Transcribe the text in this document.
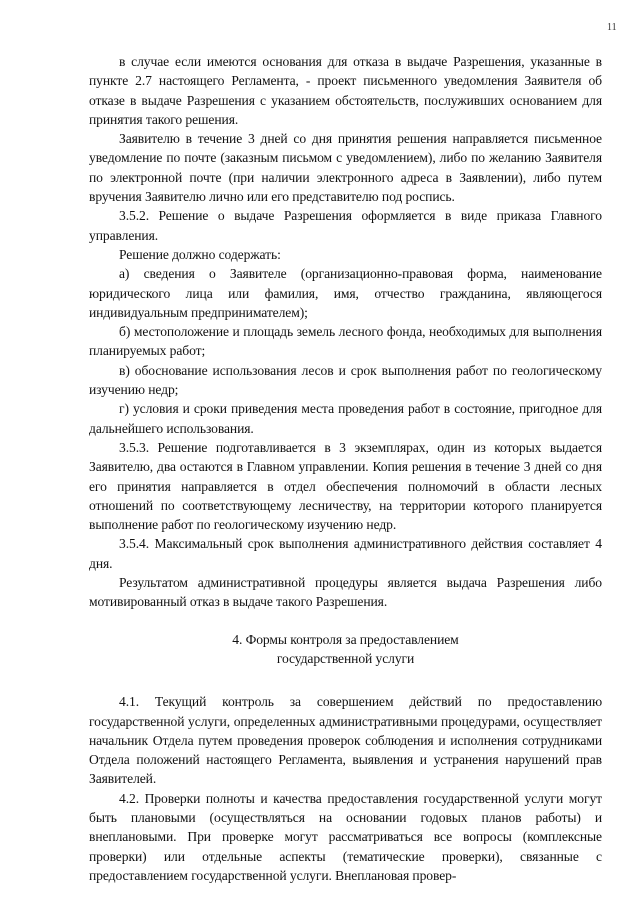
11

в случае если имеются основания для отказа в выдаче Разрешения, указанные в пункте 2.7 настоящего Регламента, - проект письменного уведомления Заявителя об отказе в выдаче Разрешения с указанием обстоятельств, послуживших основанием для принятия такого решения.

Заявителю в течение 3 дней со дня принятия решения направляется письменное уведомление по почте (заказным письмом с уведомлением), либо по желанию Заявителя по электронной почте (при наличии электронного адреса в Заявлении), либо путем вручения Заявителю лично или его представителю под роспись.

3.5.2. Решение о выдаче Разрешения оформляется в виде приказа Главного управления.

Решение должно содержать:

а) сведения о Заявителе (организационно-правовая форма, наименование юридического лица или фамилия, имя, отчество гражданина, являющегося индивидуальным предпринимателем);

б) местоположение и площадь земель лесного фонда, необходимых для выполнения планируемых работ;

в) обоснование использования лесов и срок выполнения работ по геологическому изучению недр;

г) условия и сроки приведения места проведения работ в состояние, пригодное для дальнейшего использования.

3.5.3. Решение подготавливается в 3 экземплярах, один из которых выдается Заявителю, два остаются в Главном управлении. Копия решения в течение 3 дней со дня его принятия направляется в отдел обеспечения полномочий в области лесных отношений по соответствующему лесничеству, на территории которого планируется выполнение работ по геологическому изучению недр.

3.5.4. Максимальный срок выполнения административного действия составляет 4 дня.

Результатом административной процедуры является выдача Разрешения либо мотивированный отказ в выдаче такого Разрешения.

4. Формы контроля за предоставлением
государственной услуги

4.1. Текущий контроль за совершением действий по предоставлению государственной услуги, определенных административными процедурами, осуществляет начальник Отдела путем проведения проверок соблюдения и исполнения сотрудниками Отдела положений настоящего Регламента, выявления и устранения нарушений прав Заявителей.

4.2. Проверки полноты и качества предоставления государственной услуги могут быть плановыми (осуществляться на основании годовых планов работы) и внеплановыми. При проверке могут рассматриваться все вопросы (комплексные проверки) или отдельные аспекты (тематические проверки), связанные с предоставлением государственной услуги. Внеплановая провер-
